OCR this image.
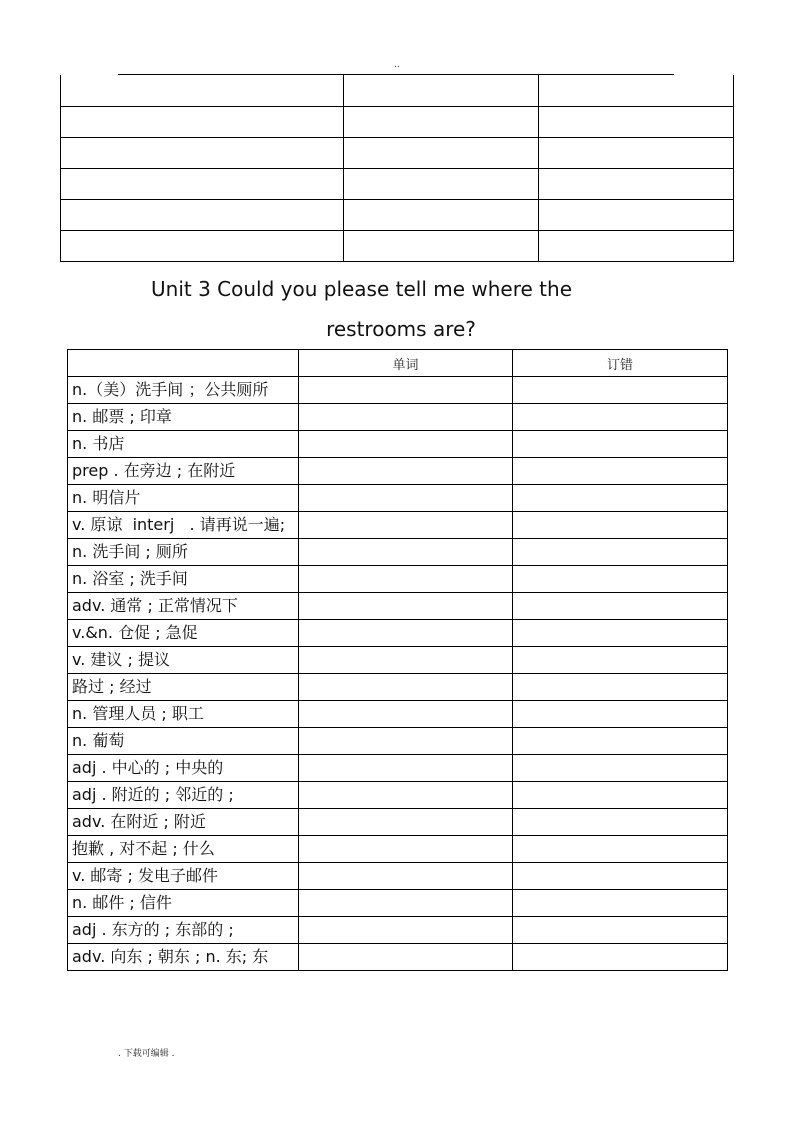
..

Unit 3 Could you please tell me where the
restrooms are?
	单词	订错
n.（美）洗手间 ；公共厕所		
n. 邮票 ; 印章		
n. 书店		
prep . 在旁边 ; 在附近		
n. 明信片		
v. 原谅  interj   . 请再说一遍;		
n. 洗手间 ; 厕所		
n. 浴室 ; 洗手间		
adv. 通常 ; 正常情况下		
v.&n. 仓促 ; 急促		
v. 建议 ; 提议		
路过 ; 经过		
n. 管理人员 ; 职工		
n. 葡萄		
adj . 中心的 ; 中央的		
adj . 附近的 ; 邻近的 ;		
adv. 在附近 ; 附近		
抱歉 , 对不起 ; 什么		
v. 邮寄 ; 发电子邮件		
n. 邮件 ; 信件		
adj . 东方的 ; 东部的 ;		
adv. 向东 ; 朝东 ; n. 东; 东		
. 下载可编辑 .
